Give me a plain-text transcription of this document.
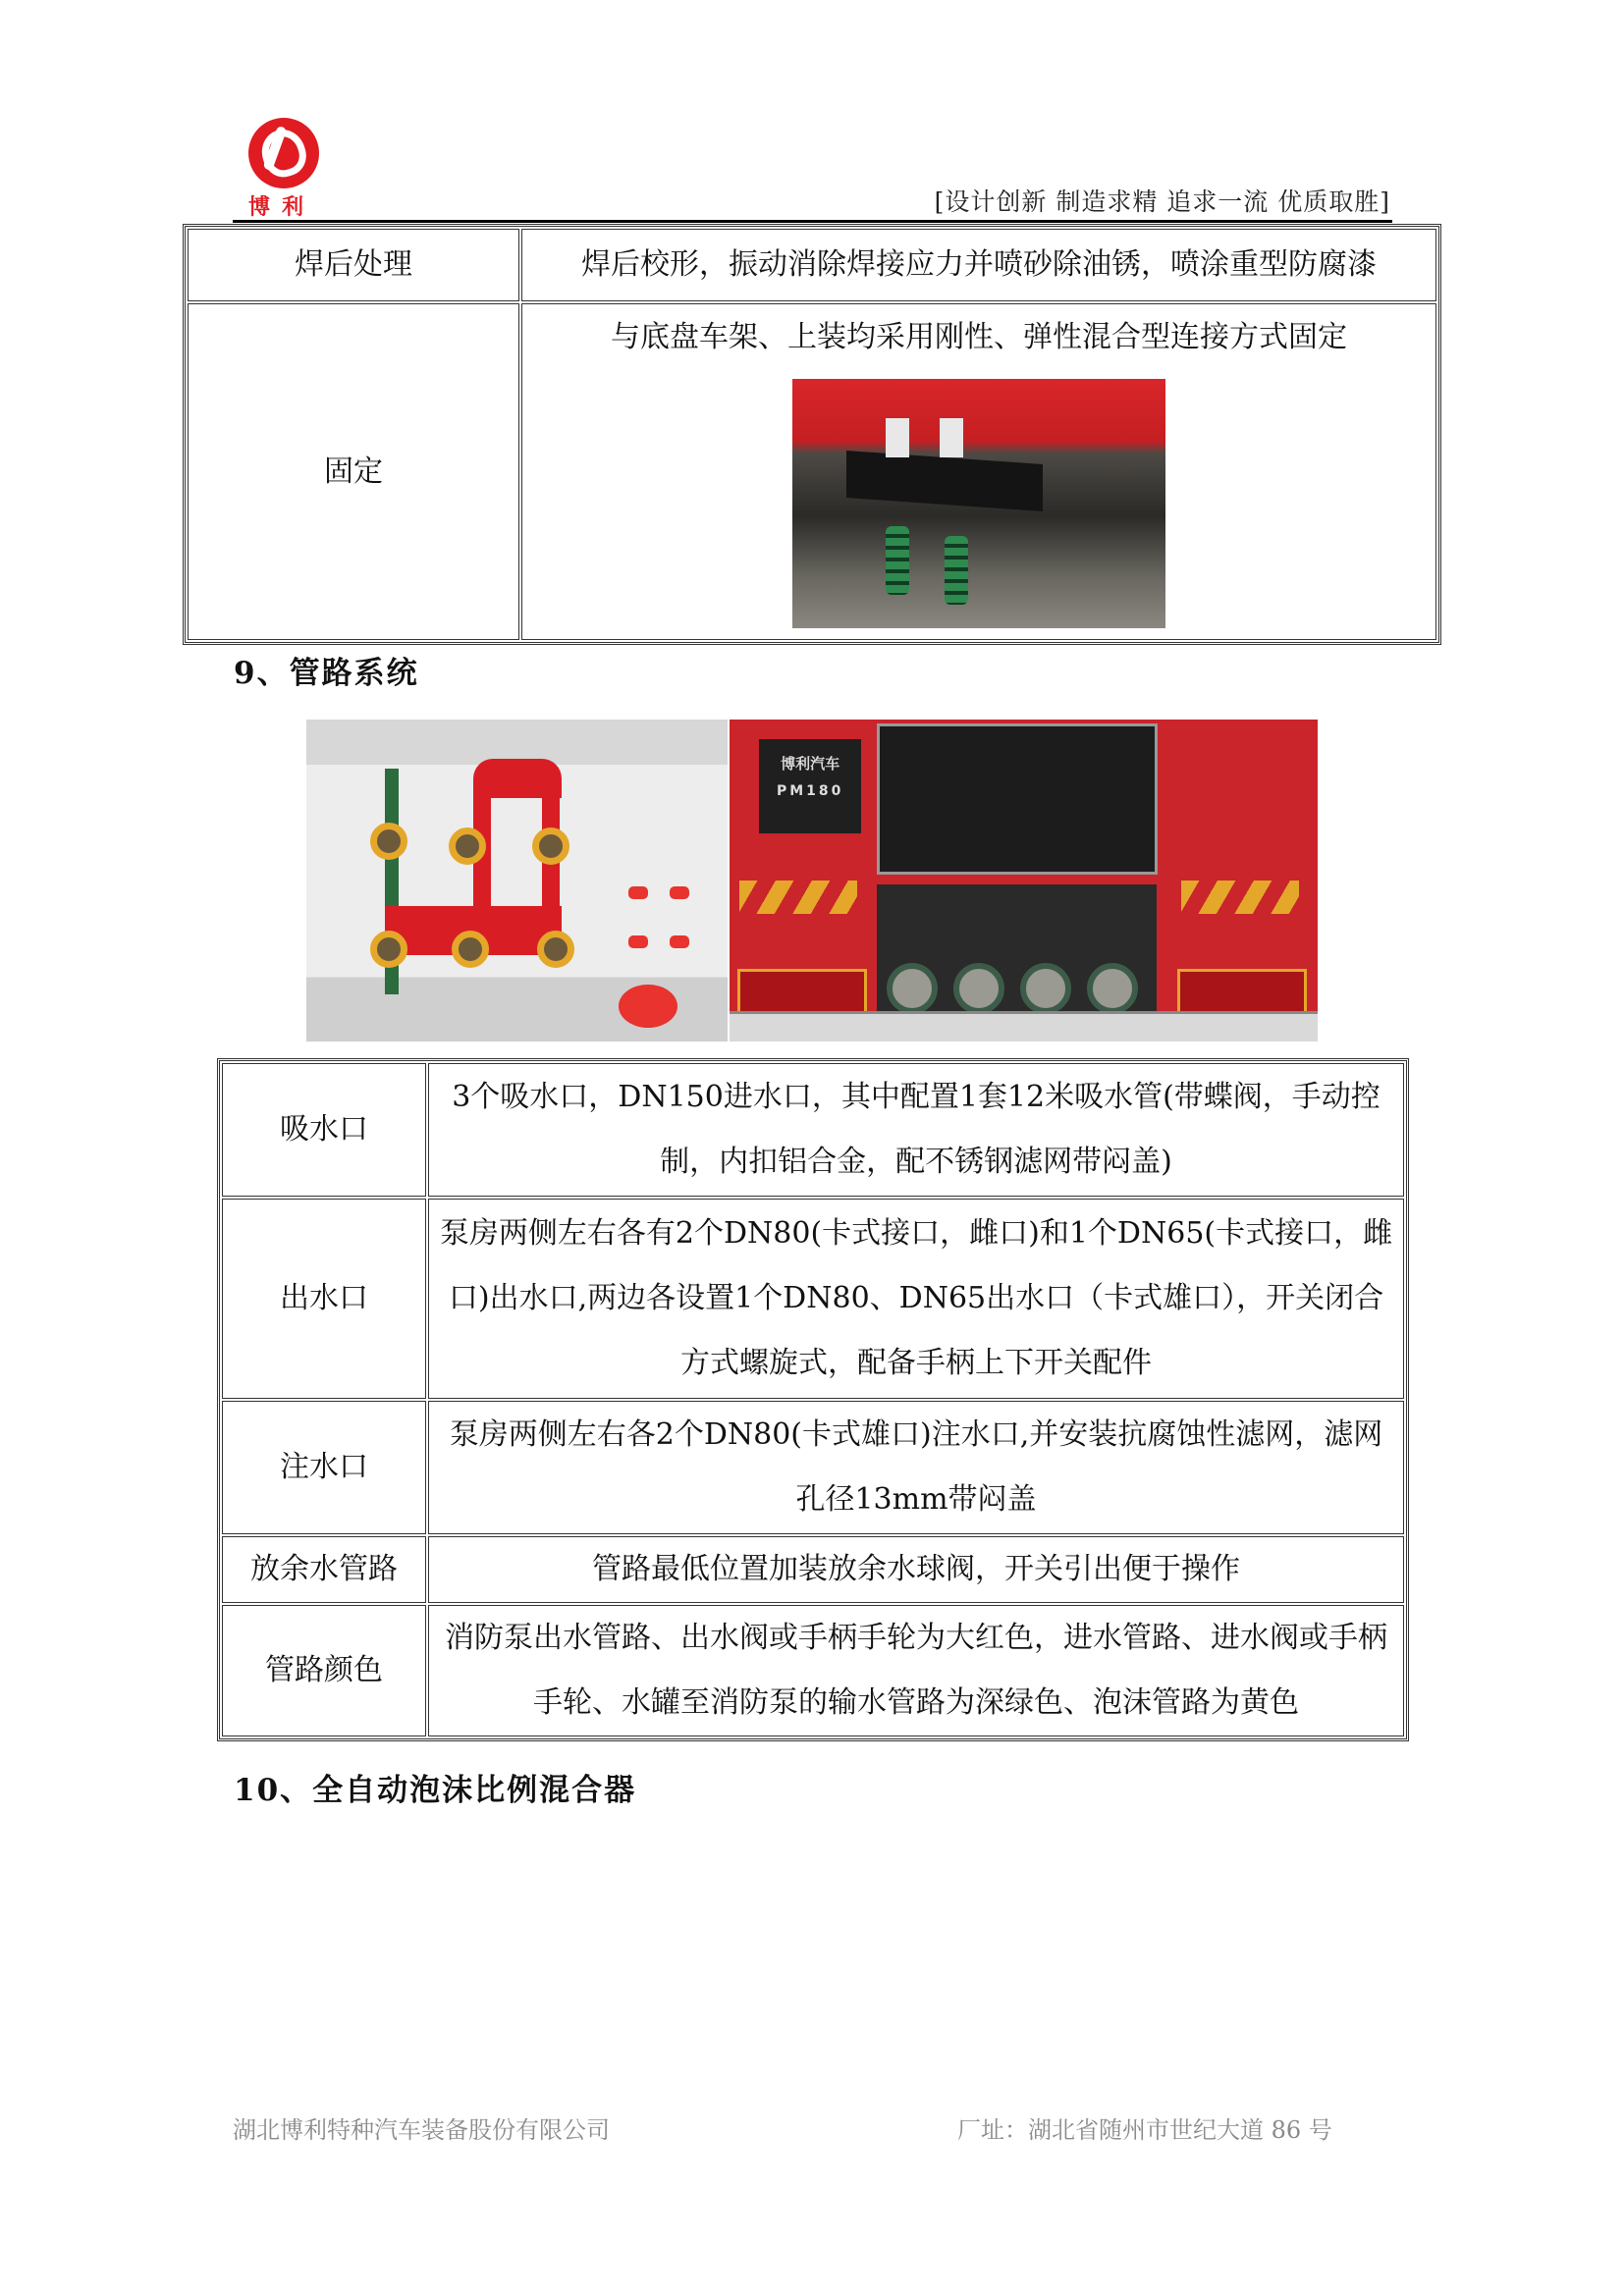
博利	[设计创新 制造求精 追求一流 优质取胜]
焊后处理	焊后校形，振动消除焊接应力并喷砂除油锈，喷涂重型防腐漆
固定	与底盘车架、上装均采用刚性、弹性混合型连接方式固定
9、管路系统
博利汽车
PM180
吸水口	3个吸水口，DN150进水口，其中配置1套12米吸水管(带蝶阀，手动控制，内扣铝合金，配不锈钢滤网带闷盖)
出水口	泵房两侧左右各有2个DN80(卡式接口，雌口)和1个DN65(卡式接口，雌口)出水口,两边各设置1个DN80、DN65出水口（卡式雄口），开关闭合方式螺旋式，配备手柄上下开关配件
注水口	泵房两侧左右各2个DN80(卡式雄口)注水口,并安装抗腐蚀性滤网，滤网孔径13mm带闷盖
放余水管路	管路最低位置加装放余水球阀，开关引出便于操作
管路颜色	消防泵出水管路、出水阀或手柄手轮为大红色，进水管路、进水阀或手柄手轮、水罐至消防泵的输水管路为深绿色、泡沫管路为黄色
10、全自动泡沫比例混合器
湖北博利特种汽车装备股份有限公司	厂址：湖北省随州市世纪大道 86 号
